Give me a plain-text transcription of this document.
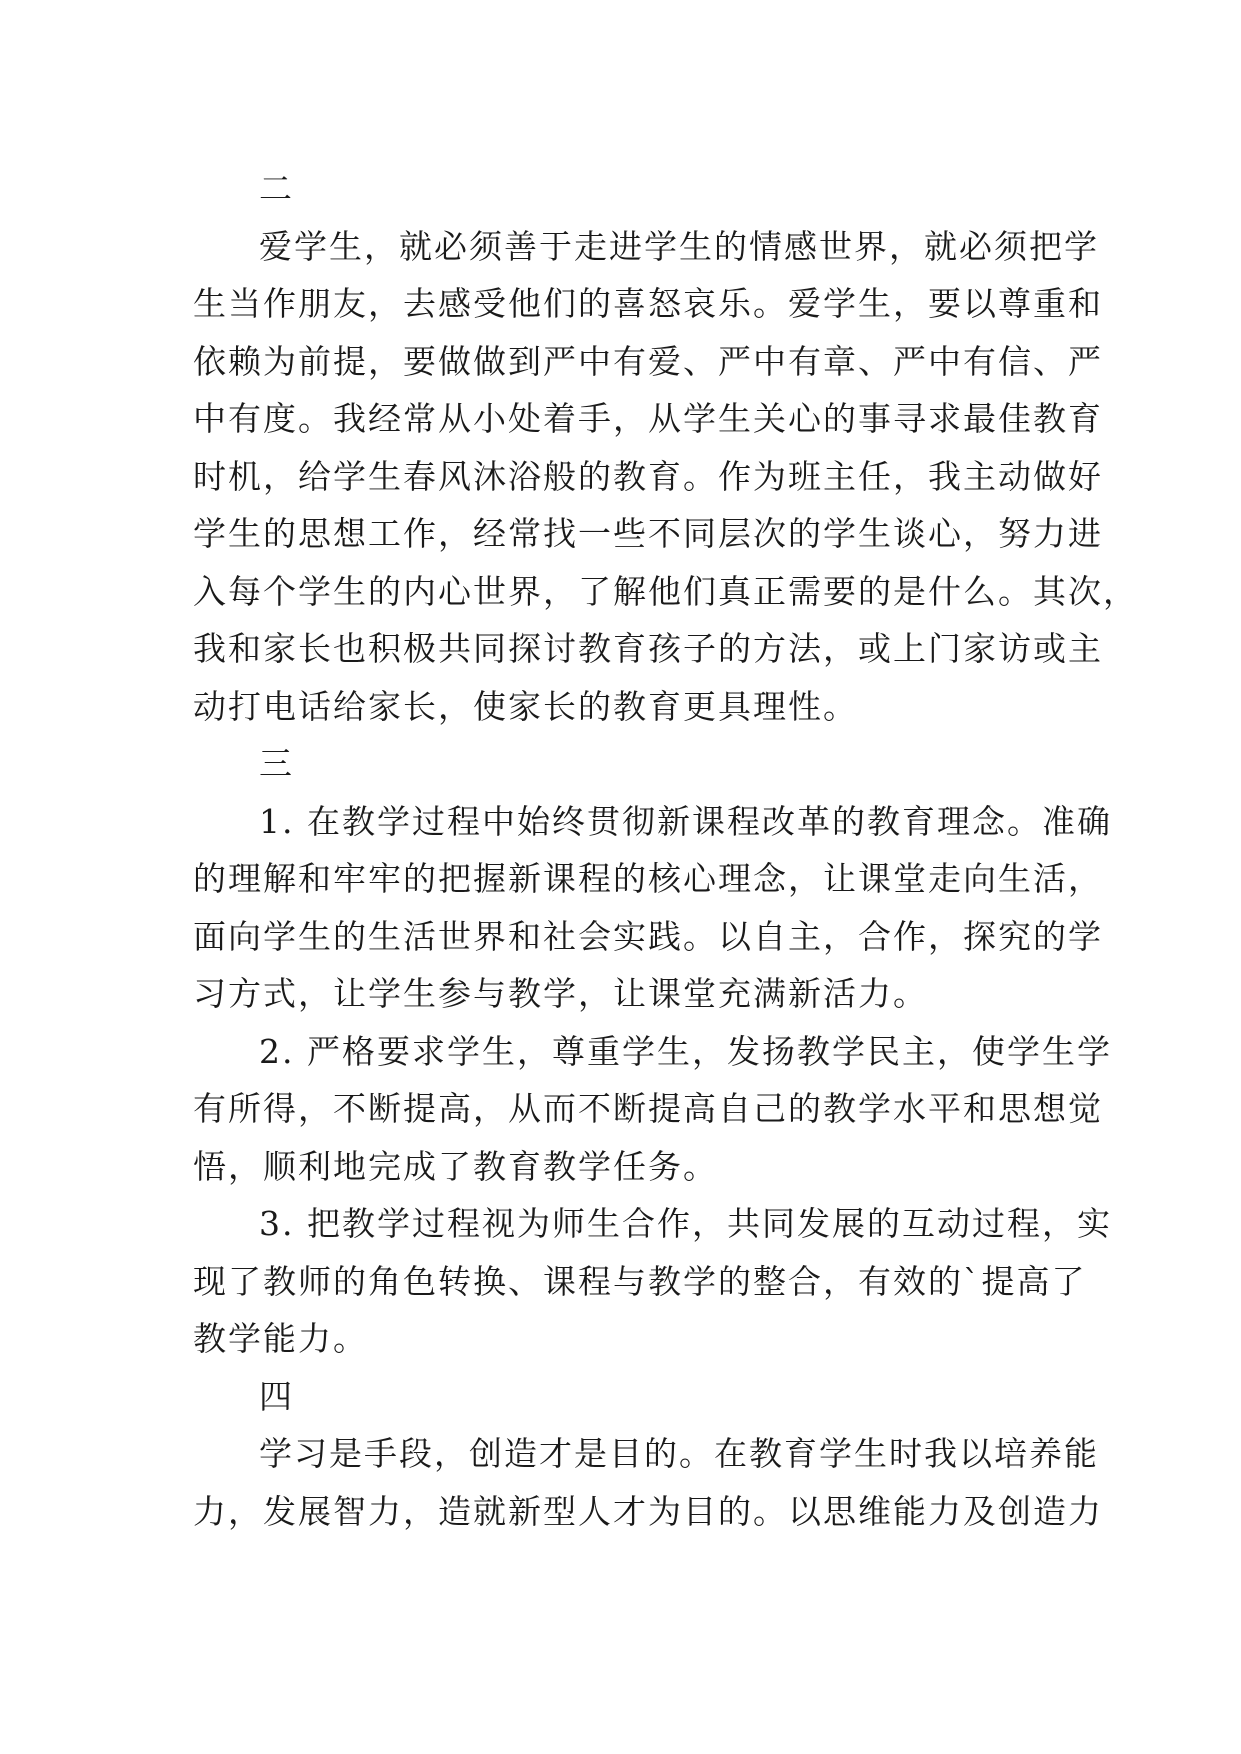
二
爱学生，就必须善于走进学生的情感世界，就必须把学
生当作朋友，去感受他们的喜怒哀乐。爱学生，要以尊重和
依赖为前提，要做做到严中有爱、严中有章、严中有信、严
中有度。我经常从小处着手，从学生关心的事寻求最佳教育
时机，给学生春风沐浴般的教育。作为班主任，我主动做好
学生的思想工作，经常找一些不同层次的学生谈心，努力进
入每个学生的内心世界，了解他们真正需要的是什么。其次，
我和家长也积极共同探讨教育孩子的方法，或上门家访或主
动打电话给家长，使家长的教育更具理性。
三
1. 在教学过程中始终贯彻新课程改革的教育理念。准确
的理解和牢牢的把握新课程的核心理念，让课堂走向生活，
面向学生的生活世界和社会实践。以自主，合作，探究的学
习方式，让学生参与教学，让课堂充满新活力。
2. 严格要求学生，尊重学生，发扬教学民主，使学生学
有所得，不断提高，从而不断提高自己的教学水平和思想觉
悟，顺利地完成了教育教学任务。
3. 把教学过程视为师生合作，共同发展的互动过程，实
现了教师的角色转换、课程与教学的整合，有效的`提高了
教学能力。
四
学习是手段，创造才是目的。在教育学生时我以培养能
力，发展智力，造就新型人才为目的。以思维能力及创造力
